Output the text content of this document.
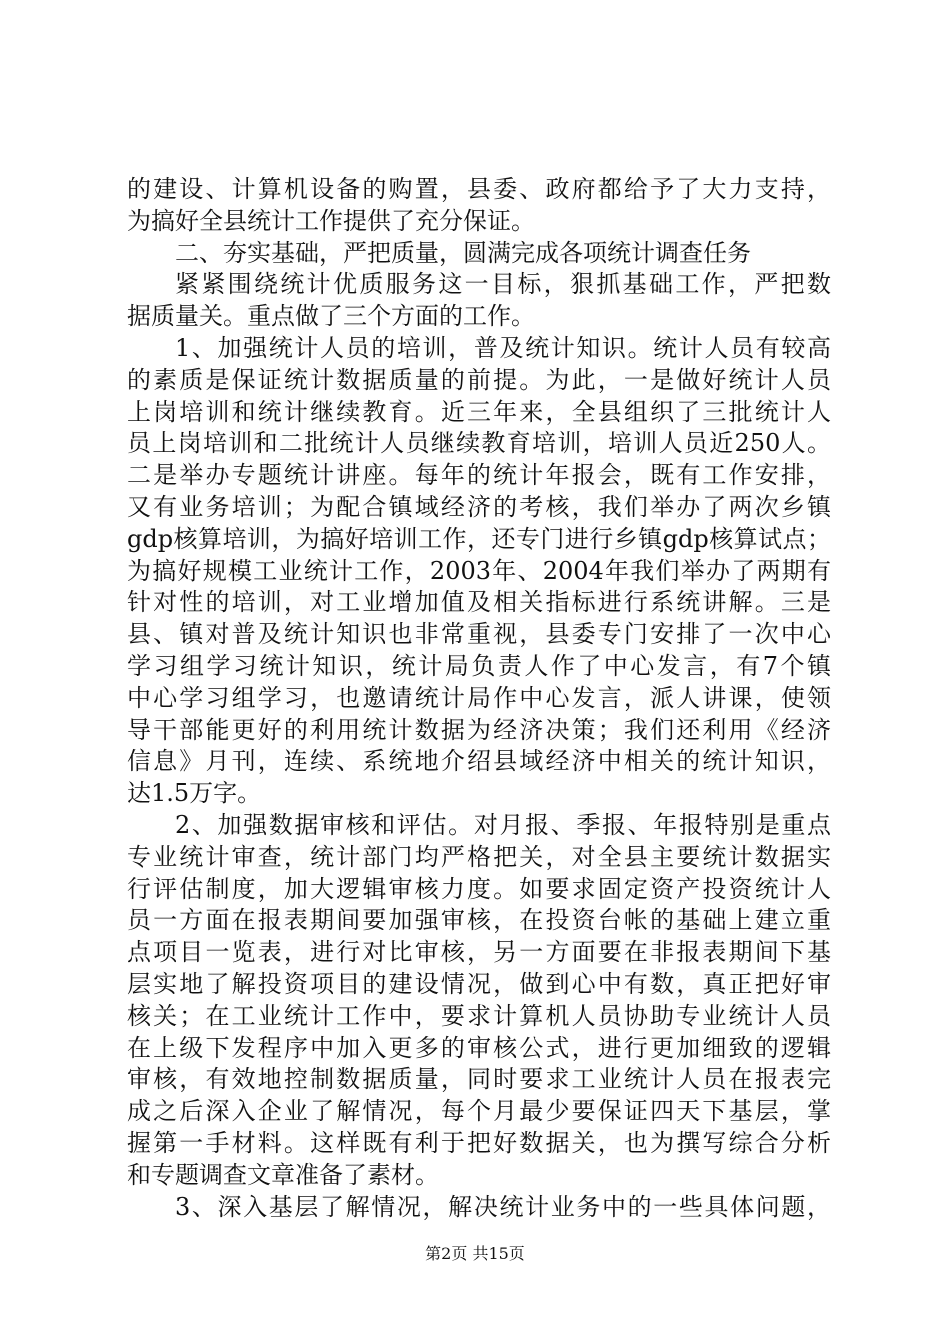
的建设、计算机设备的购置，县委、政府都给予了大力支持，
为搞好全县统计工作提供了充分保证。
二、夯实基础，严把质量，圆满完成各项统计调查任务
紧紧围绕统计优质服务这一目标，狠抓基础工作，严把数
据质量关。重点做了三个方面的工作。
1、加强统计人员的培训，普及统计知识。统计人员有较高
的素质是保证统计数据质量的前提。为此，一是做好统计人员
上岗培训和统计继续教育。近三年来，全县组织了三批统计人
员上岗培训和二批统计人员继续教育培训，培训人员近250人。
二是举办专题统计讲座。每年的统计年报会，既有工作安排，
又有业务培训；为配合镇域经济的考核，我们举办了两次乡镇
gdp核算培训，为搞好培训工作，还专门进行乡镇gdp核算试点；
为搞好规模工业统计工作，2003年、2004年我们举办了两期有
针对性的培训，对工业增加值及相关指标进行系统讲解。三是
县、镇对普及统计知识也非常重视，县委专门安排了一次中心
学习组学习统计知识，统计局负责人作了中心发言，有7个镇
中心学习组学习，也邀请统计局作中心发言，派人讲课，使领
导干部能更好的利用统计数据为经济决策；我们还利用《经济
信息》月刊，连续、系统地介绍县域经济中相关的统计知识，
达1.5万字。
2、加强数据审核和评估。对月报、季报、年报特别是重点
专业统计审查，统计部门均严格把关，对全县主要统计数据实
行评估制度，加大逻辑审核力度。如要求固定资产投资统计人
员一方面在报表期间要加强审核，在投资台帐的基础上建立重
点项目一览表，进行对比审核，另一方面要在非报表期间下基
层实地了解投资项目的建设情况，做到心中有数，真正把好审
核关；在工业统计工作中，要求计算机人员协助专业统计人员
在上级下发程序中加入更多的审核公式，进行更加细致的逻辑
审核，有效地控制数据质量，同时要求工业统计人员在报表完
成之后深入企业了解情况，每个月最少要保证四天下基层，掌
握第一手材料。这样既有利于把好数据关，也为撰写综合分析
和专题调查文章准备了素材。
3、深入基层了解情况，解决统计业务中的一些具体问题，
第2页 共15页
